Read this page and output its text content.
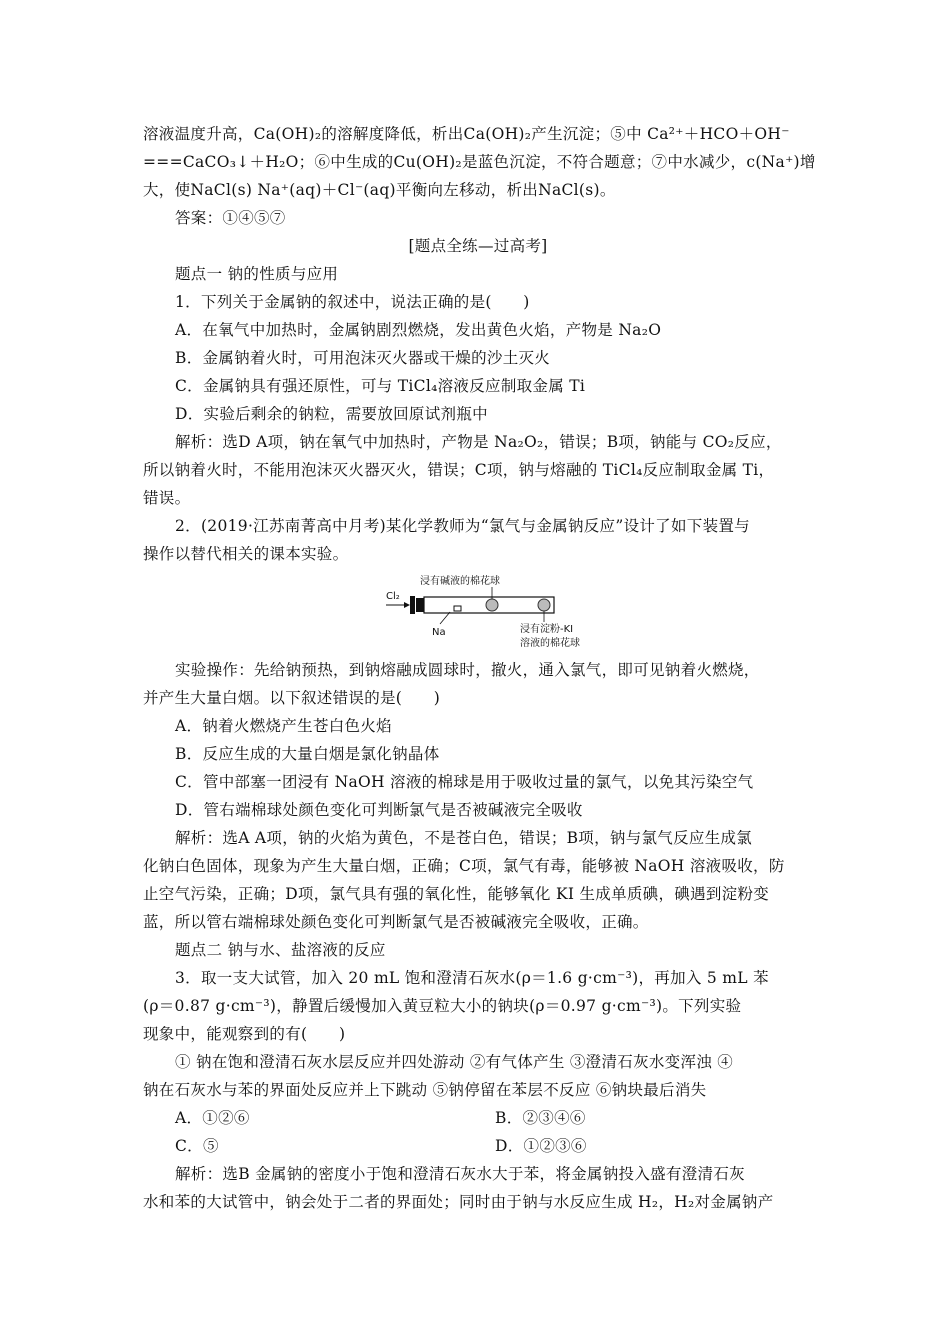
溶液温度升高，Ca(OH)₂的溶解度降低，析出Ca(OH)₂产生沉淀；⑤中 Ca²⁺＋HCO＋OH⁻
===CaCO₃↓＋H₂O；⑥中生成的Cu(OH)₂是蓝色沉淀，不符合题意；⑦中水减少，c(Na⁺)增
大，使NaCl(s) Na⁺(aq)＋Cl⁻(aq)平衡向左移动，析出NaCl(s)。
答案：①④⑤⑦
[题点全练—过高考]
题点一 钠的性质与应用
1．下列关于金属钠的叙述中，说法正确的是(　　)
A．在氧气中加热时，金属钠剧烈燃烧，发出黄色火焰，产物是 Na₂O
B．金属钠着火时，可用泡沫灭火器或干燥的沙土灭火
C．金属钠具有强还原性，可与 TiCl₄溶液反应制取金属 Ti
D．实验后剩余的钠粒，需要放回原试剂瓶中
解析：选D A项，钠在氧气中加热时，产物是 Na₂O₂，错误；B项，钠能与 CO₂反应，
所以钠着火时，不能用泡沫灭火器灭火，错误；C项，钠与熔融的 TiCl₄反应制取金属 Ti，
错误。
2．(2019·江苏南菁高中月考)某化学教师为“氯气与金属钠反应”设计了如下装置与
操作以替代相关的课本实验。
浸有碱液的棉花球
Cl₂
Na	浸有淀粉-KI
溶液的棉花球
实验操作：先给钠预热，到钠熔融成圆球时，撤火，通入氯气，即可见钠着火燃烧，
并产生大量白烟。以下叙述错误的是(　　)
A．钠着火燃烧产生苍白色火焰
B．反应生成的大量白烟是氯化钠晶体
C．管中部塞一团浸有 NaOH 溶液的棉球是用于吸收过量的氯气，以免其污染空气
D．管右端棉球处颜色变化可判断氯气是否被碱液完全吸收
解析：选A A项，钠的火焰为黄色，不是苍白色，错误；B项，钠与氯气反应生成氯
化钠白色固体，现象为产生大量白烟，正确；C项，氯气有毒，能够被 NaOH 溶液吸收，防
止空气污染，正确；D项，氯气具有强的氧化性，能够氧化 KI 生成单质碘，碘遇到淀粉变
蓝，所以管右端棉球处颜色变化可判断氯气是否被碱液完全吸收，正确。
题点二 钠与水、盐溶液的反应
3．取一支大试管，加入 20 mL 饱和澄清石灰水(ρ＝1.6 g·cm⁻³)，再加入 5 mL 苯
(ρ＝0.87 g·cm⁻³)，静置后缓慢加入黄豆粒大小的钠块(ρ＝0.97 g·cm⁻³)。下列实验
现象中，能观察到的有(　　)
① 钠在饱和澄清石灰水层反应并四处游动 ②有气体产生 ③澄清石灰水变浑浊 ④
钠在石灰水与苯的界面处反应并上下跳动 ⑤钠停留在苯层不反应 ⑥钠块最后消失
A．①②⑥	B．②③④⑥
C．⑤	D．①②③⑥
解析：选B 金属钠的密度小于饱和澄清石灰水大于苯，将金属钠投入盛有澄清石灰
水和苯的大试管中，钠会处于二者的界面处；同时由于钠与水反应生成 H₂，H₂对金属钠产
